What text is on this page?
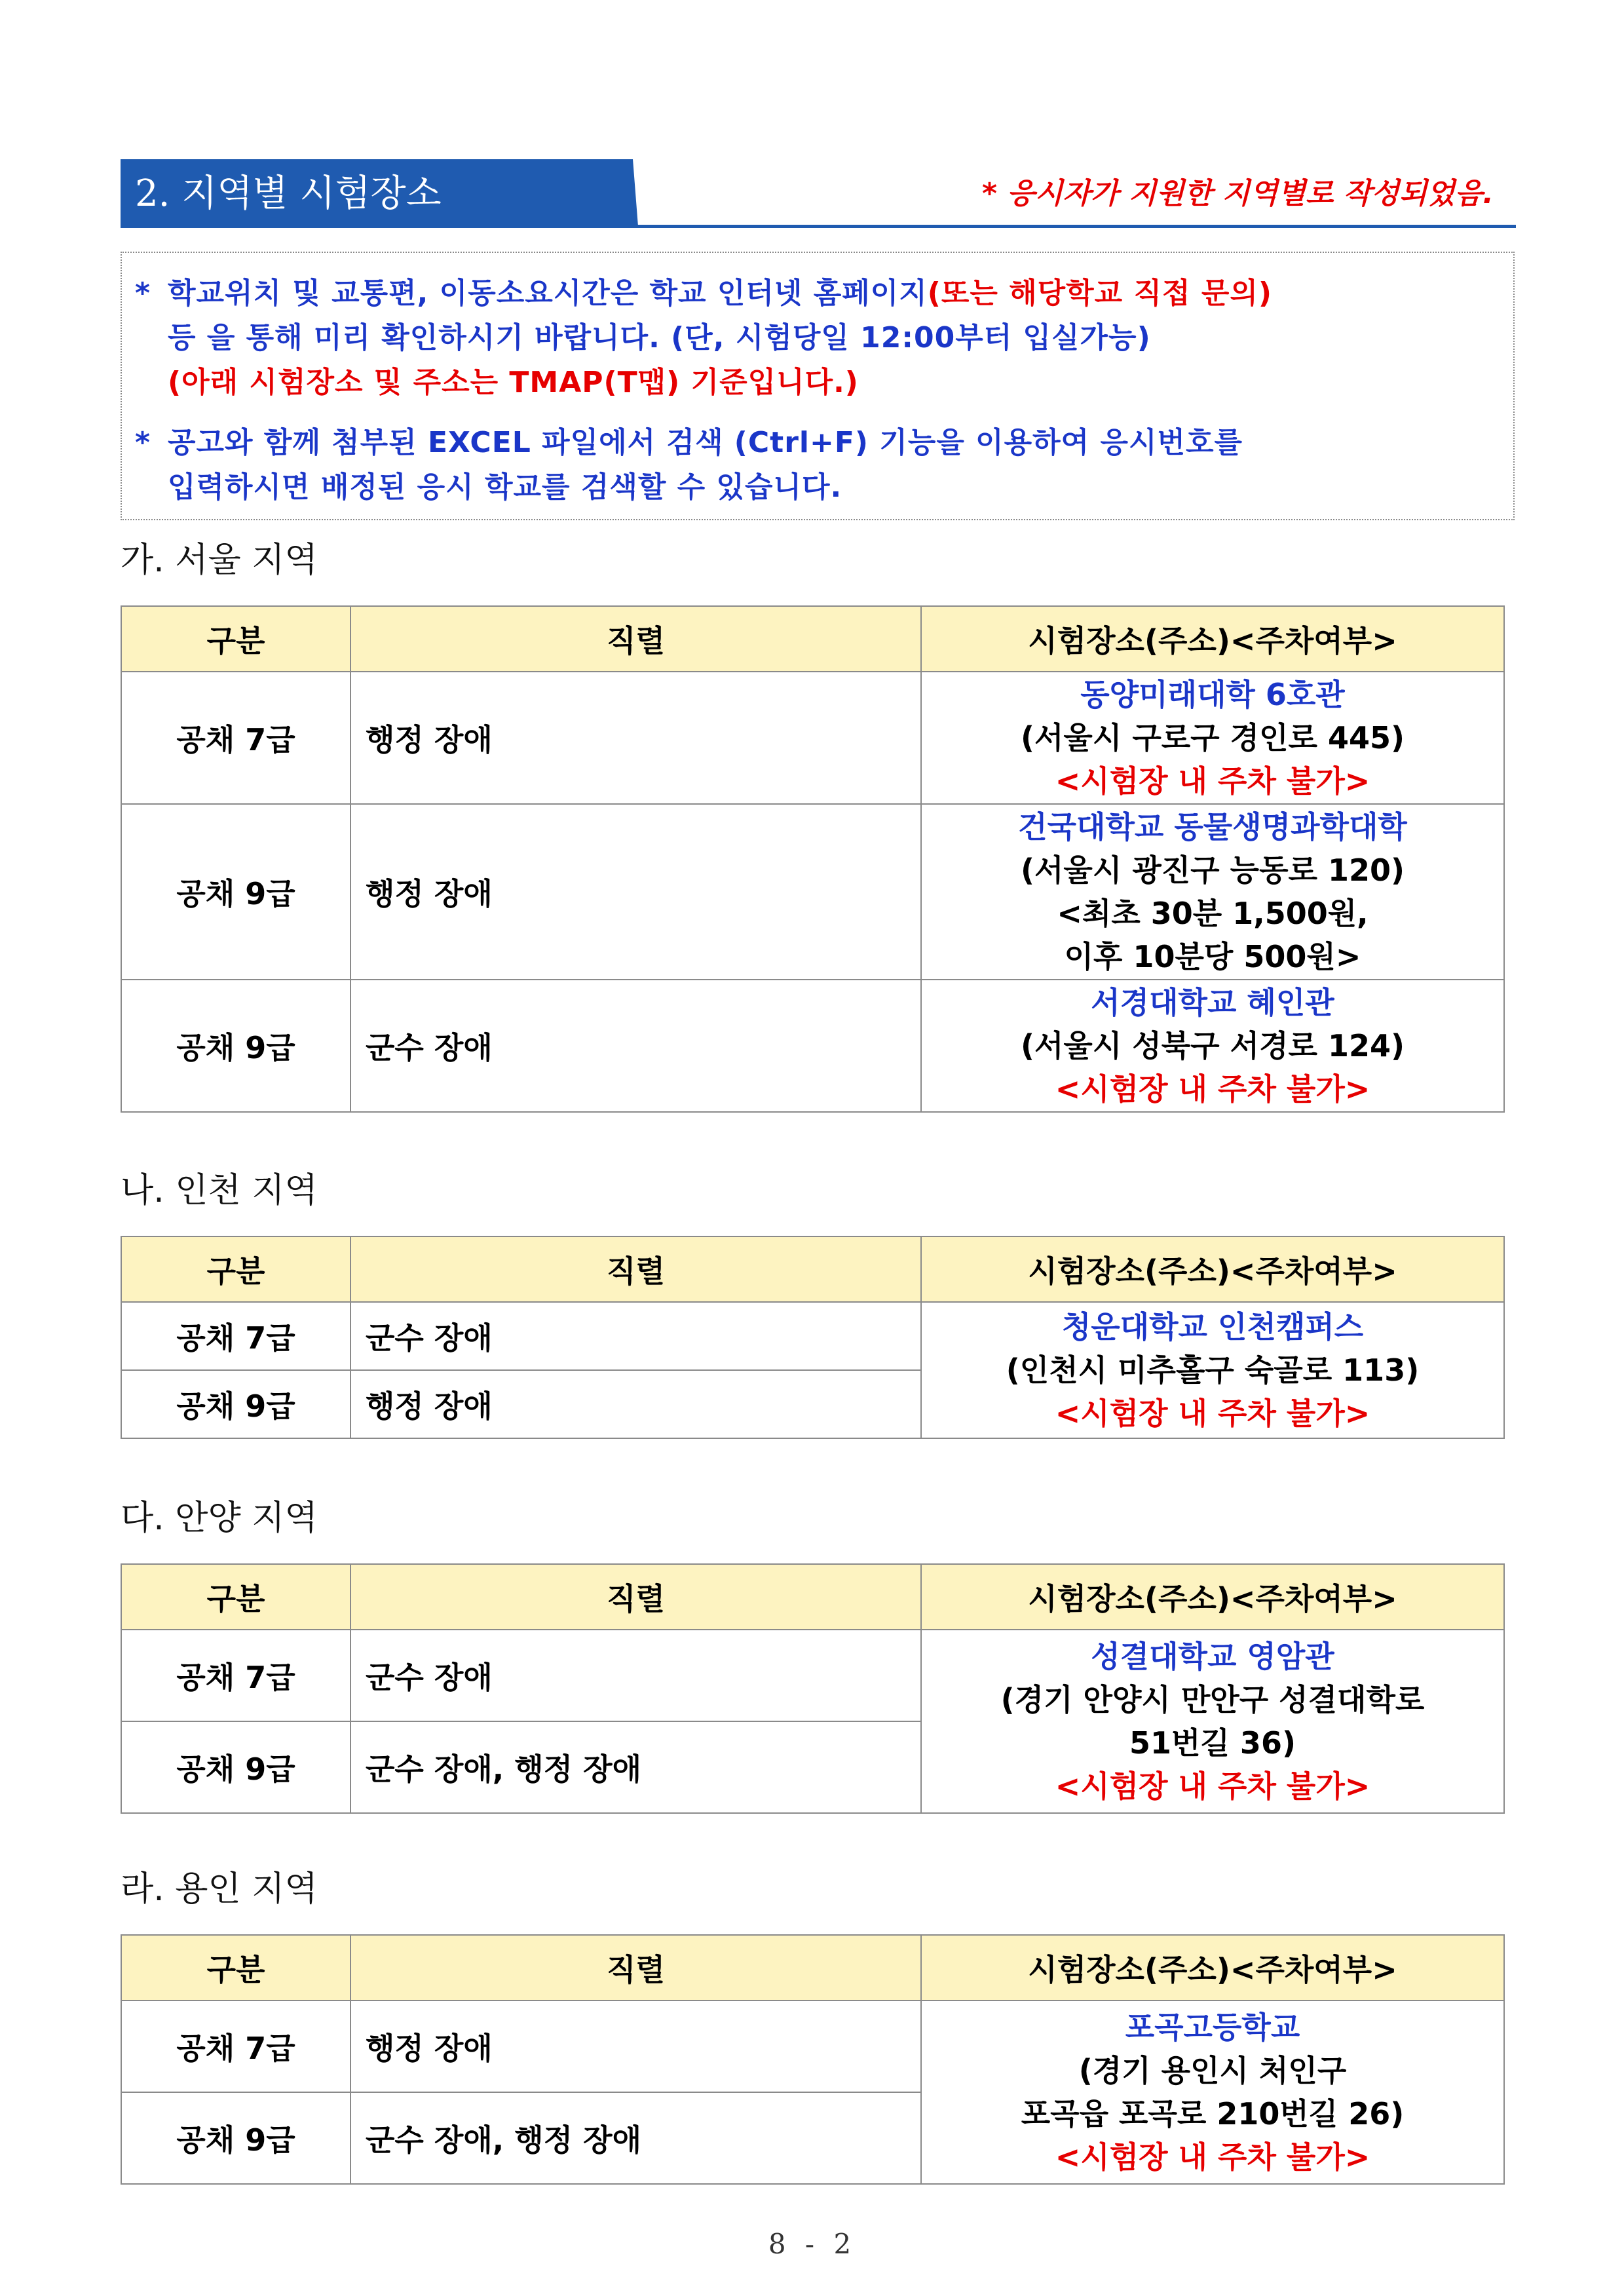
2. 지역별 시험장소	* 응시자가 지원한 지역별로 작성되었음.
* 학교위치 및 교통편, 이동소요시간은 학교 인터넷 홈페이지(또는 해당학교 직접 문의)
등 을 통해 미리 확인하시기 바랍니다. (단, 시험당일 12:00부터 입실가능)
(아래 시험장소 및 주소는 TMAP(T맵) 기준입니다.)
* 공고와 함께 첨부된 EXCEL 파일에서 검색 (Ctrl+F) 기능을 이용하여 응시번호를
입력하시면 배정된 응시 학교를 검색할 수 있습니다.
가. 서울 지역
구분	직렬	시험장소(주소)<주차여부>
공채 7급	행정 장애	동양미래대학 6호관
(서울시 구로구 경인로 445)
<시험장 내 주차 불가>

공채 9급	행정 장애	건국대학교 동물생명과학대학
(서울시 광진구 능동로 120)
<최초 30분 1,500원,
이후 10분당 500원>

공채 9급	군수 장애	서경대학교 혜인관
(서울시 성북구 서경로 124)
<시험장 내 주차 불가>
나. 인천 지역
구분	직렬	시험장소(주소)<주차여부>
공채 7급	군수 장애	청운대학교 인천캠퍼스
(인천시 미추홀구 숙골로 113)
<시험장 내 주차 불가>

공채 9급	행정 장애	
다. 안양 지역
구분	직렬	시험장소(주소)<주차여부>
공채 7급	군수 장애	성결대학교 영암관
(경기 안양시 만안구 성결대학로
51번길 36)
<시험장 내 주차 불가>

공채 9급	군수 장애, 행정 장애	
라. 용인 지역
구분	직렬	시험장소(주소)<주차여부>
공채 7급	행정 장애	포곡고등학교
(경기 용인시 처인구
포곡읍 포곡로 210번길 26)
<시험장 내 주차 불가>

공채 9급	군수 장애, 행정 장애	
8 - 2
